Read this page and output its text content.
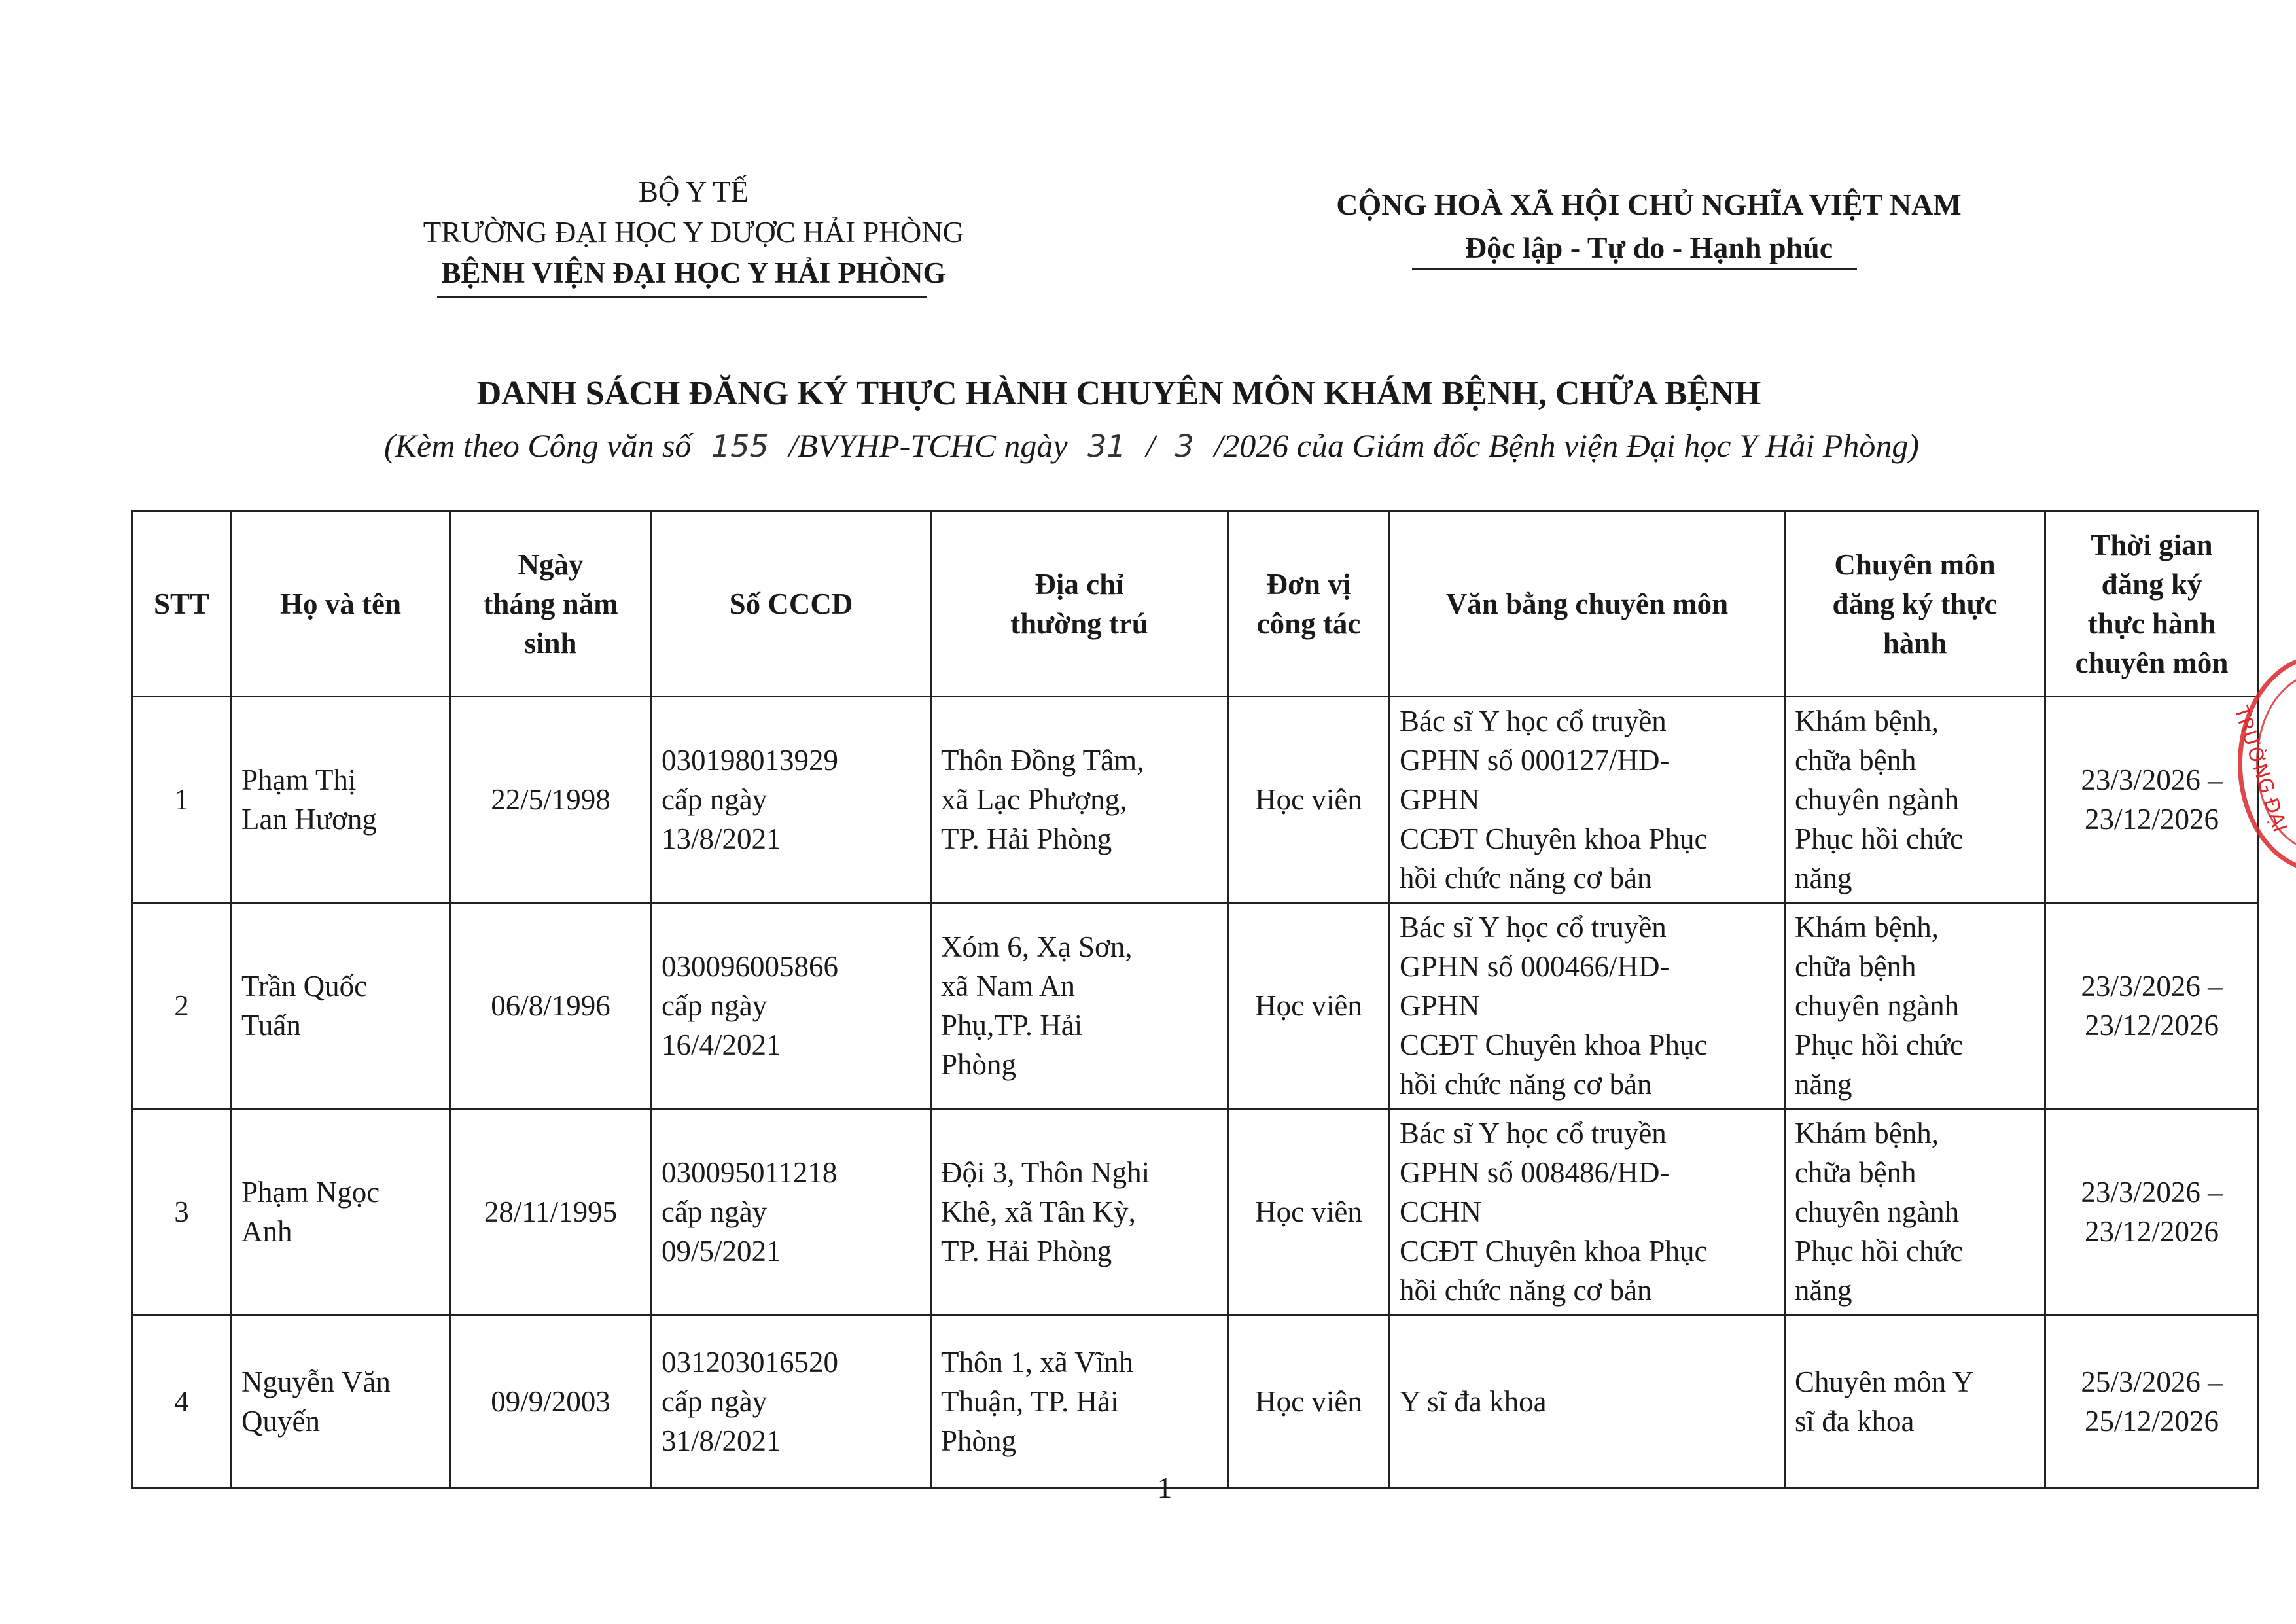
BỘ Y TẾ
TRƯỜNG ĐẠI HỌC Y DƯỢC HẢI PHÒNG
BỆNH VIỆN ĐẠI HỌC Y HẢI PHÒNG
CỘNG HOÀ XÃ HỘI CHỦ NGHĨA VIỆT NAM
Độc lập - Tự do - Hạnh phúc
DANH SÁCH ĐĂNG KÝ THỰC HÀNH CHUYÊN MÔN KHÁM BỆNH, CHỮA BỆNH
(Kèm theo Công văn số 155 /BVYHP-TCHC ngày 31 / 3 /2026 của Giám đốc Bệnh viện Đại học Y Hải Phòng)
STT	Họ và tên	Ngày
tháng năm
sinh	Số CCCD	Địa chỉ
thường trú	Đơn vị
công tác	Văn bằng chuyên môn	Chuyên môn
đăng ký thực
hành	Thời gian
đăng ký
thực hành
chuyên môn

1	Phạm Thị
Lan Hương	22/5/1998	030198013929
cấp ngày
13/8/2021	Thôn Đồng Tâm,
xã Lạc Phượng,
TP. Hải Phòng	Học viên	Bác sĩ Y học cổ truyền
GPHN số 000127/HD-
GPHN
CCĐT Chuyên khoa Phục
hồi chức năng cơ bản	Khám bệnh,
chữa bệnh
chuyên ngành
Phục hồi chức
năng	23/3/2026 –
23/12/2026

2	Trần Quốc
Tuấn	06/8/1996	030096005866
cấp ngày
16/4/2021	Xóm 6, Xạ Sơn,
xã Nam An
Phụ,TP. Hải
Phòng	Học viên	Bác sĩ Y học cổ truyền
GPHN số 000466/HD-
GPHN
CCĐT Chuyên khoa Phục
hồi chức năng cơ bản	Khám bệnh,
chữa bệnh
chuyên ngành
Phục hồi chức
năng	23/3/2026 –
23/12/2026

3	Phạm Ngọc
Anh	28/11/1995	030095011218
cấp ngày
09/5/2021	Đội 3, Thôn Nghi
Khê, xã Tân Kỳ,
TP. Hải Phòng	Học viên	Bác sĩ Y học cổ truyền
GPHN số 008486/HD-
CCHN
CCĐT Chuyên khoa Phục
hồi chức năng cơ bản	Khám bệnh,
chữa bệnh
chuyên ngành
Phục hồi chức
năng	23/3/2026 –
23/12/2026

4	Nguyễn Văn
Quyến	09/9/2003	031203016520
cấp ngày
31/8/2021	Thôn 1, xã Vĩnh
Thuận, TP. Hải
Phòng	Học viên	Y sĩ đa khoa	Chuyên môn Y
sĩ đa khoa	25/3/2026 –
25/12/2026
TRƯỜNG ĐẠI
1
